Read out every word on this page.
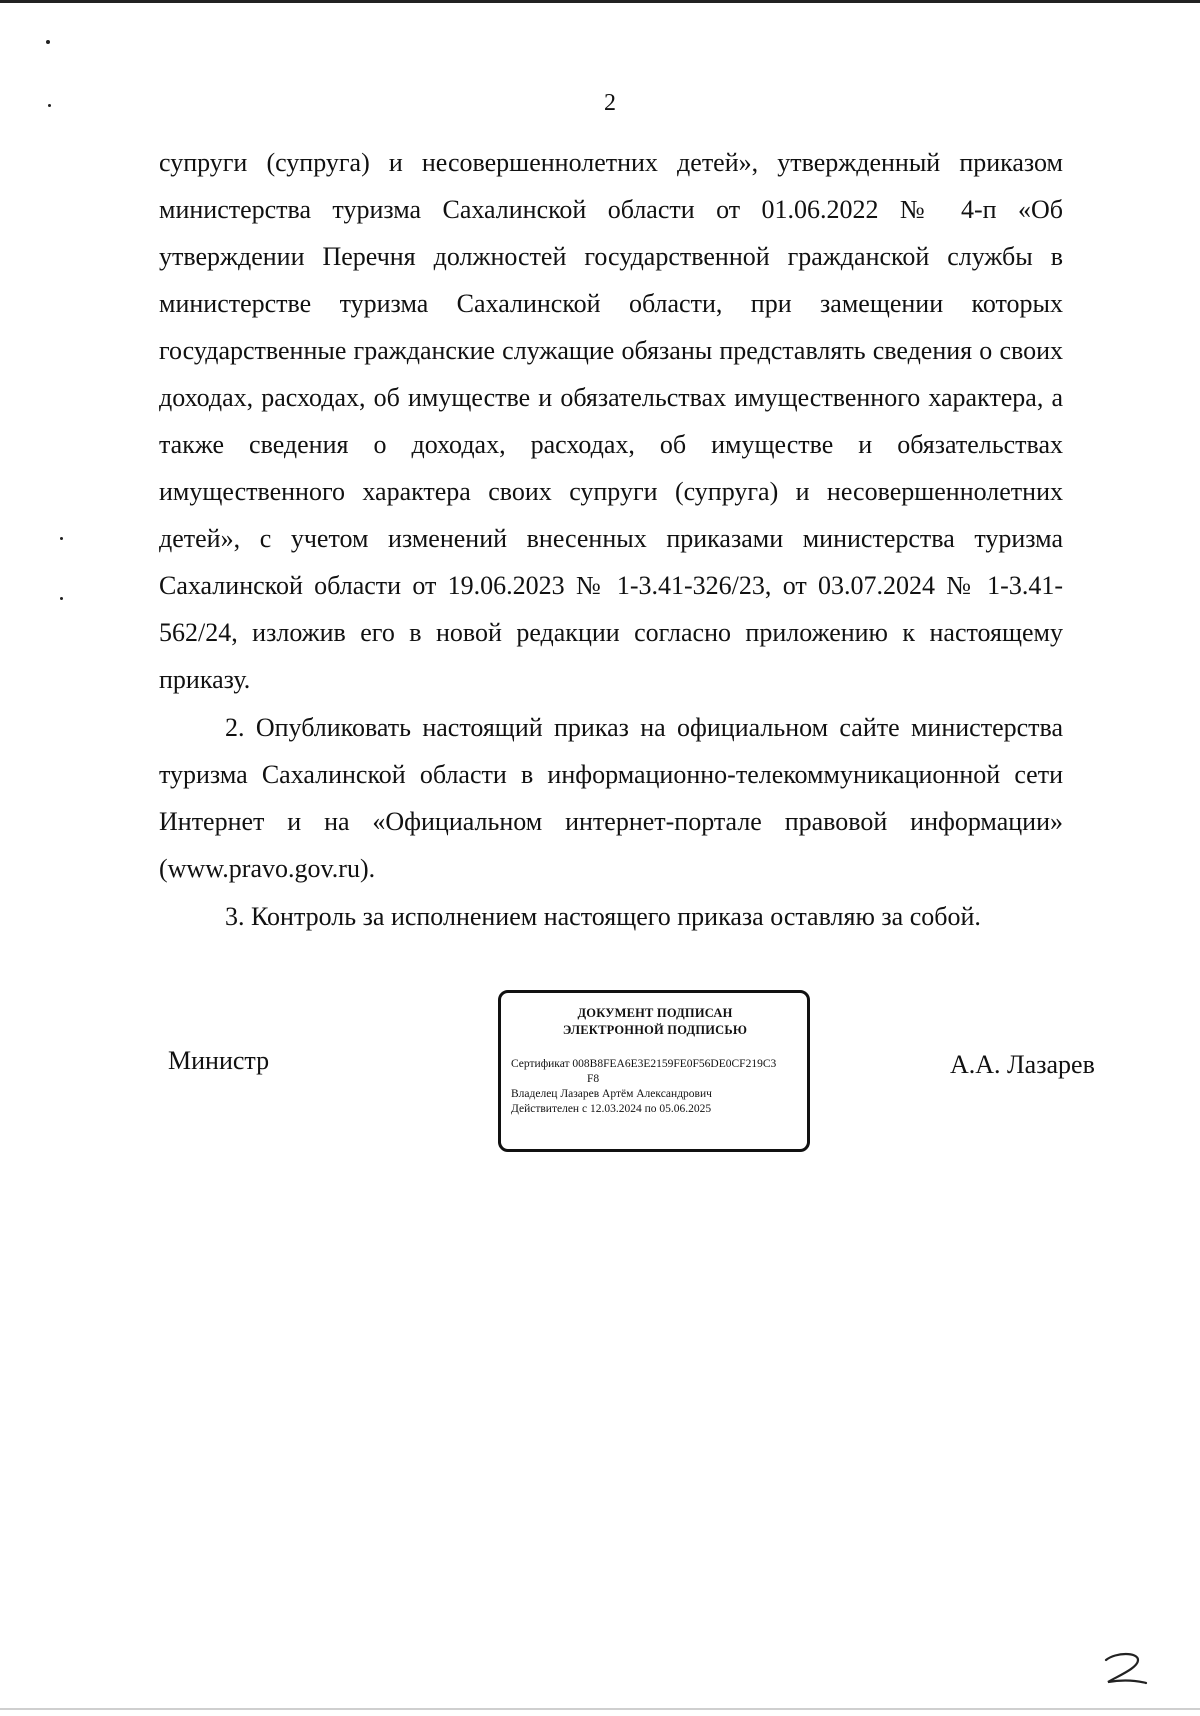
2

супруги (супруга) и несовершеннолетних детей», утвержденный приказом министерства туризма Сахалинской области от 01.06.2022 № 4-п «Об утверждении Перечня должностей государственной гражданской службы в министерстве туризма Сахалинской области, при замещении которых государственные гражданские служащие обязаны представлять сведения о своих доходах, расходах, об имуществе и обязательствах имущественного характера, а также сведения о доходах, расходах, об имуществе и обязательствах имущественного характера своих супруги (супруга) и несовершеннолетних детей», с учетом изменений внесенных приказами министерства туризма Сахалинской области от 19.06.2023 № 1-3.41-326/23, от 03.07.2024 № 1-3.41-562/24, изложив его в новой редакции согласно приложению к настоящему приказу.

2. Опубликовать настоящий приказ на официальном сайте министерства туризма Сахалинской области в информационно-телекоммуникационной сети Интернет и на «Официальном интернет-портале правовой информации» (www.pravo.gov.ru).

3. Контроль за исполнением настоящего приказа оставляю за собой.

Министр
ДОКУМЕНТ ПОДПИСАН
ЭЛЕКТРОННОЙ ПОДПИСЬЮ
Сертификат 008B8FEA6E3E2159FE0F56DE0CF219C3
F8
Владелец Лазарев Артём Александрович
Действителен с 12.03.2024 по 05.06.2025
А.А. Лазарев
